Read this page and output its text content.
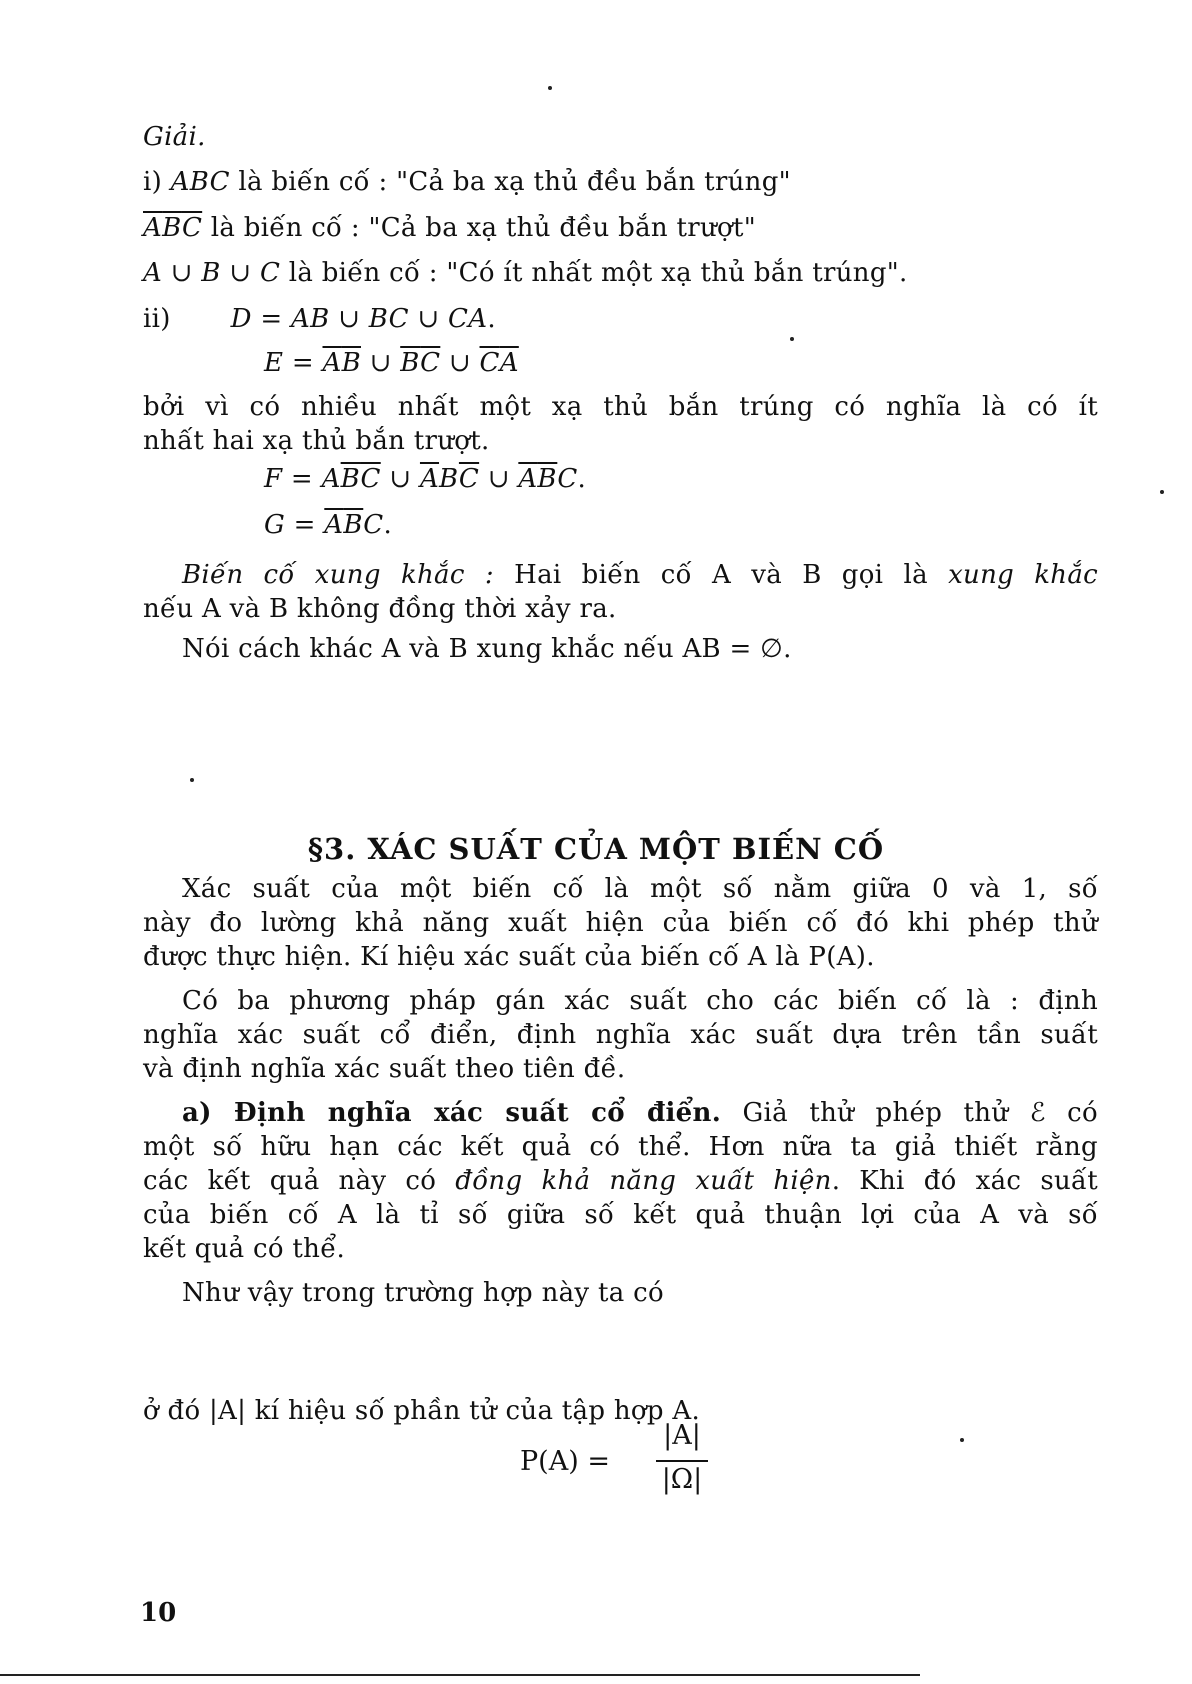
Giải.
i) ABC là biến cố : "Cả ba xạ thủ đều bắn trúng"
$\overline{A}\overline{B}\overline{C}$ là biến cố : "Cả ba xạ thủ đều bắn trượt"
A ∪ B ∪ C là biến cố : "Có ít nhất một xạ thủ bắn trúng".
ii) D = AB ∪ BC ∪ CA.
$E = \overline{A}\overline{B}$ ∪ $\overline{B}\overline{C}$ ∪ $\overline{C}\overline{A}$
bởi vì có nhiều nhất một xạ thủ bắn trúng có nghĩa là có ít
nhất hai xạ thủ bắn trượt.
$F = A\overline{B}\overline{C}$ ∪ $\overline{A}B\overline{C}$ ∪ $\overline{A}\overline{B}C$.
$G = \overline{A}\overline{B}C$.
Biến cố xung khắc : Hai biến cố A và B gọi là xung khắc
nếu A và B không đồng thời xảy ra.
Nói cách khác A và B xung khắc nếu AB = ∅.
§3. XÁC SUẤT CỦA MỘT BIẾN CỐ
Xác suất của một biến cố là một số nằm giữa 0 và 1, số
này đo lường khả năng xuất hiện của biến cố đó khi phép thử
được thực hiện. Kí hiệu xác suất của biến cố A là P(A).
Có ba phương pháp gán xác suất cho các biến cố là : định
nghĩa xác suất cổ điển, định nghĩa xác suất dựa trên tần suất
và định nghĩa xác suất theo tiên đề.
a) Định nghĩa xác suất cổ điển. Giả thử phép thử ℰ có
một số hữu hạn các kết quả có thể. Hơn nữa ta giả thiết rằng
các kết quả này có đồng khả năng xuất hiện. Khi đó xác suất
của biến cố A là tỉ số giữa số kết quả thuận lợi của A và số
kết quả có thể.
Như vậy trong trường hợp này ta có
P(A) =
|A|
|Ω|
ở đó |A| kí hiệu số phần tử của tập hợp A.
10
